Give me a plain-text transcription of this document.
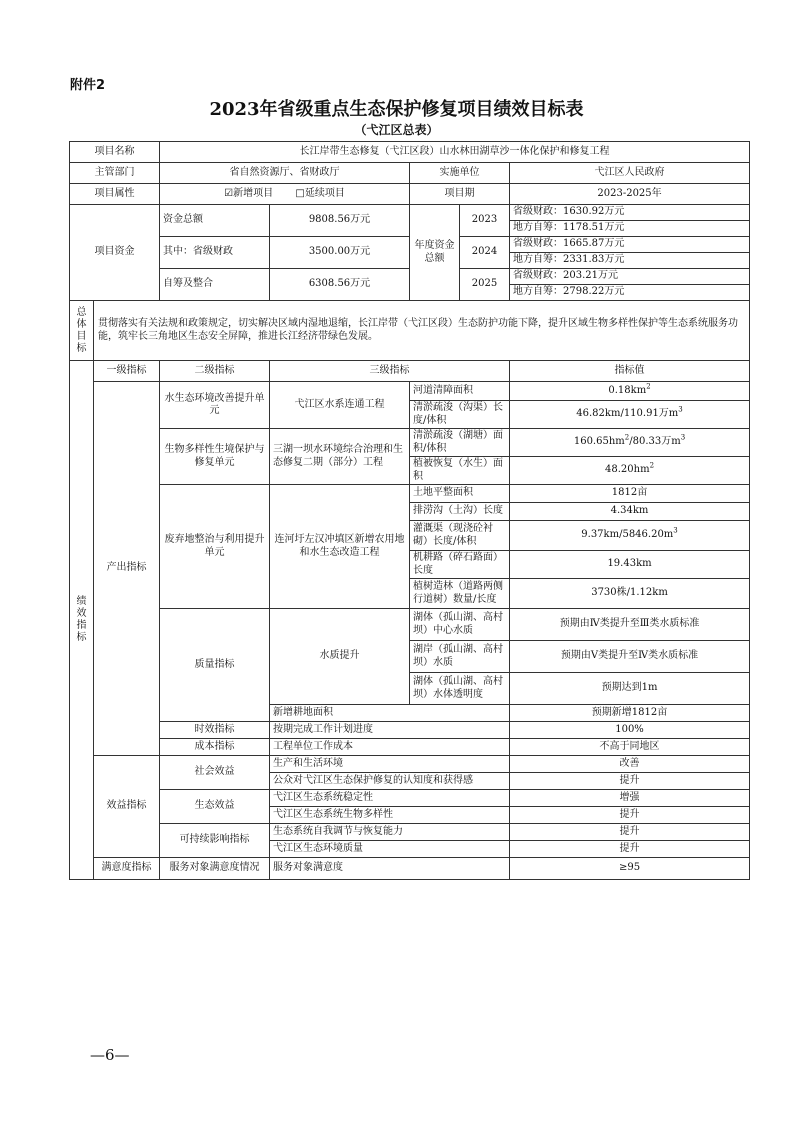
附件2
2023年省级重点生态保护修复项目绩效目标表
（弋江区总表）
项目名称		长江岸带生态修复（弋江区段）山水林田湖草沙一体化保护和修复工程				
主管部门		省自然资源厅、省财政厅		实施单位		弋江区人民政府
项目属性		☑新增项目 □延续项目		项目期		2023-2025年
项目资金		资金总额	9808.56万元	年度资金总额	2023	省级财政：1630.92万元
						地方自筹：1178.51万元
		其中：省级财政	3500.00万元		2024	省级财政：1665.87万元
						地方自筹：2331.83万元
		自筹及整合	6308.56万元		2025	省级财政：203.21万元
						地方自筹：2798.22万元
总体目标	贯彻落实有关法规和政策规定，切实解决区域内湿地退缩，长江岸带（弋江区段）生态防护功能下降，提升区域生物多样性保护等生态系统服务功能，筑牢长三角地区生态安全屏障，推进长江经济带绿色发展。					
绩效指标	一级指标	二级指标	三级指标			指标值
	产出指标	水生态环境改善提升单元	弋江区水系连通工程	河道清障面积		$0.18km^2$
				清淤疏浚（沟渠）长度/体积		46.82km/110.91万$m^3$
		生物多样性生境保护与修复单元	三湖一坝水环境综合治理和生态修复二期（部分）工程	清淤疏浚（湖塘）面积/体积		$160.65hm^2/80.33$万$m^3$
				植被恢复（水生）面积		$48.20hm^2$
		废弃地整治与利用提升单元	连河圩左汉冲填区新增农用地和水生态改造工程	土地平整面积		1812亩
				排涝沟（土沟）长度		4.34km
				灌溉渠（现浇砼衬砌）长度/体积		$9.37km/5846.20m^3$
				机耕路（碎石路面）长度		19.43km
				植树造林（道路两侧行道树）数量/长度		3730株/1.12km
		质量指标	水质提升	湖体（孤山湖、高村坝）中心水质		预期由Ⅳ类提升至Ⅲ类水质标准
				湖岸（孤山湖、高村坝）水质		预期由Ⅴ类提升至Ⅳ类水质标准
				湖体（孤山湖、高村坝）水体透明度		预期达到1m
			新增耕地面积			预期新增1812亩
		时效指标	按期完成工作计划进度			100%
		成本指标	工程单位工作成本			不高于同地区
	效益指标	社会效益	生产和生活环境			改善
			公众对弋江区生态保护修复的认知度和获得感			提升
		生态效益	弋江区生态系统稳定性			增强
			弋江区生态系统生物多样性			提升
		可持续影响指标	生态系统自我调节与恢复能力			提升
			弋江区生态环境质量			提升
	满意度指标	服务对象满意度情况	服务对象满意度			≥95
—6—
